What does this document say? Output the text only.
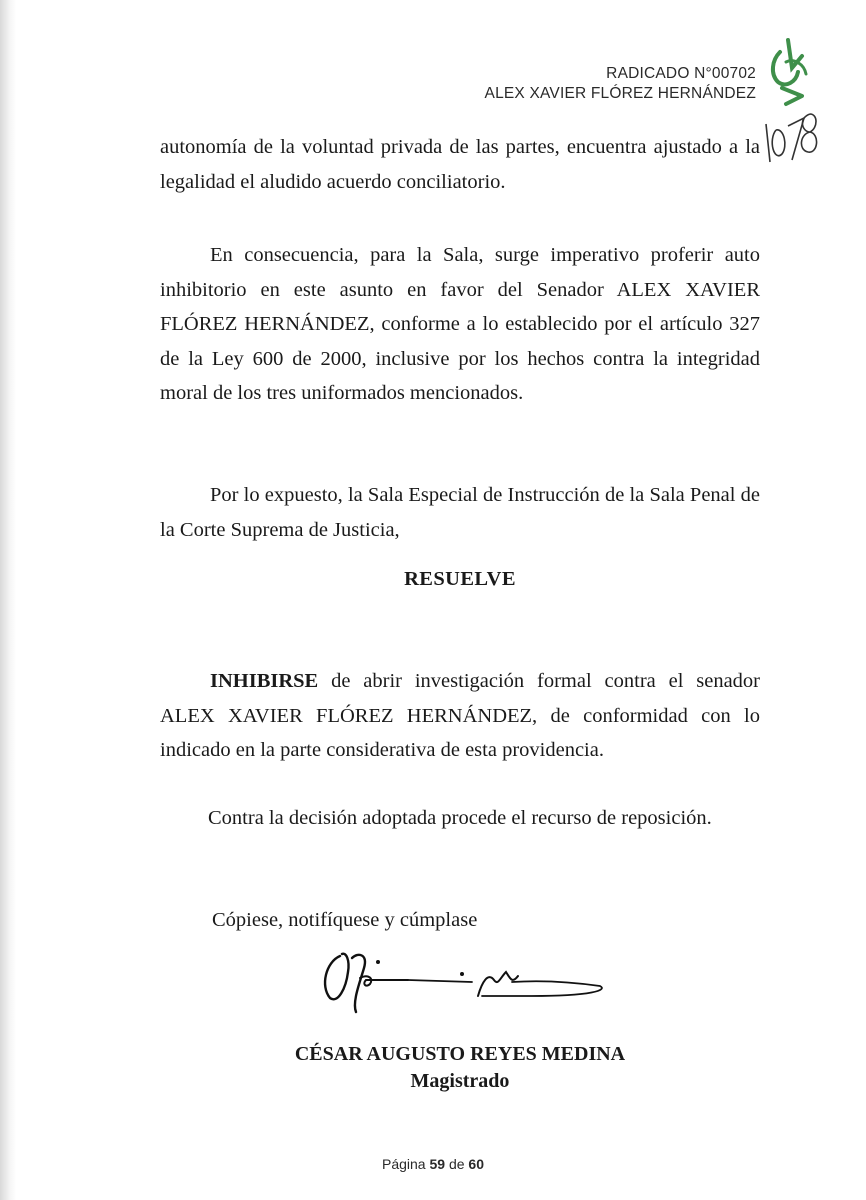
RADICADO N°00702
ALEX XAVIER FLÓREZ HERNÁNDEZ
autonomía de la voluntad privada de las partes, encuentra ajustado a la legalidad el aludido acuerdo conciliatorio.
En consecuencia, para la Sala, surge imperativo proferir auto inhibitorio en este asunto en favor del Senador ALEX XAVIER FLÓREZ HERNÁNDEZ, conforme a lo establecido por el artículo 327 de la Ley 600 de 2000, inclusive por los hechos contra la integridad moral de los tres uniformados mencionados.
Por lo expuesto, la Sala Especial de Instrucción de la Sala Penal de la Corte Suprema de Justicia,
RESUELVE
INHIBIRSE de abrir investigación formal contra el senador ALEX XAVIER FLÓREZ HERNÁNDEZ, de conformidad con lo indicado en la parte considerativa de esta providencia.
Contra la decisión adoptada procede el recurso de reposición.
Cópiese, notifíquese y cúmplase
CÉSAR AUGUSTO REYES MEDINA
Magistrado
Página 59 de 60
